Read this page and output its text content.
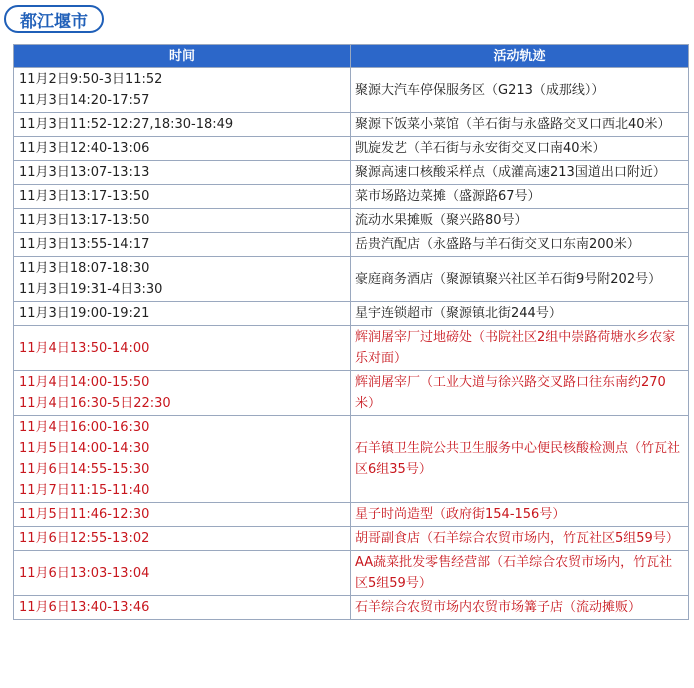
都江堰市
时间	活动轨迹

11月2日9:50-3日11:52
11月3日14:20-17:57	聚源大汽车停保服务区（G213（成那线））

11月3日11:52-12:27,18:30-18:49	聚源下饭菜小菜馆（羊石街与永盛路交叉口西北40米）

11月3日12:40-13:06	凯旋发艺（羊石街与永安街交叉口南40米）

11月3日13:07-13:13	聚源高速口核酸采样点（成灌高速213国道出口附近）

11月3日13:17-13:50	菜市场路边菜摊（盛源路67号）

11月3日13:17-13:50	流动水果摊贩（聚兴路80号）

11月3日13:55-14:17	岳贵汽配店（永盛路与羊石街交叉口东南200米）

11月3日18:07-18:30
11月3日19:31-4日3:30	豪庭商务酒店（聚源镇聚兴社区羊石街9号附202号）

11月3日19:00-19:21	星宇连锁超市（聚源镇北街244号）

11月4日13:50-14:00	辉润屠宰厂过地磅处（书院社区2组中崇路荷塘水乡农家乐对面）

11月4日14:00-15:50
11月4日16:30-5日22:30	辉润屠宰厂（工业大道与徐兴路交叉路口往东南约270米）

11月4日16:00-16:30
11月5日14:00-14:30
11月6日14:55-15:30
11月7日11:15-11:40	石羊镇卫生院公共卫生服务中心便民核酸检测点（竹瓦社区6组35号）

11月5日11:46-12:30	星子时尚造型（政府街154-156号）

11月6日12:55-13:02	胡哥副食店（石羊综合农贸市场内，竹瓦社区5组59号）

11月6日13:03-13:04	AA蔬菜批发零售经营部（石羊综合农贸市场内，竹瓦社区5组59号）

11月6日13:40-13:46	石羊综合农贸市场内农贸市场篝子店（流动摊贩）
